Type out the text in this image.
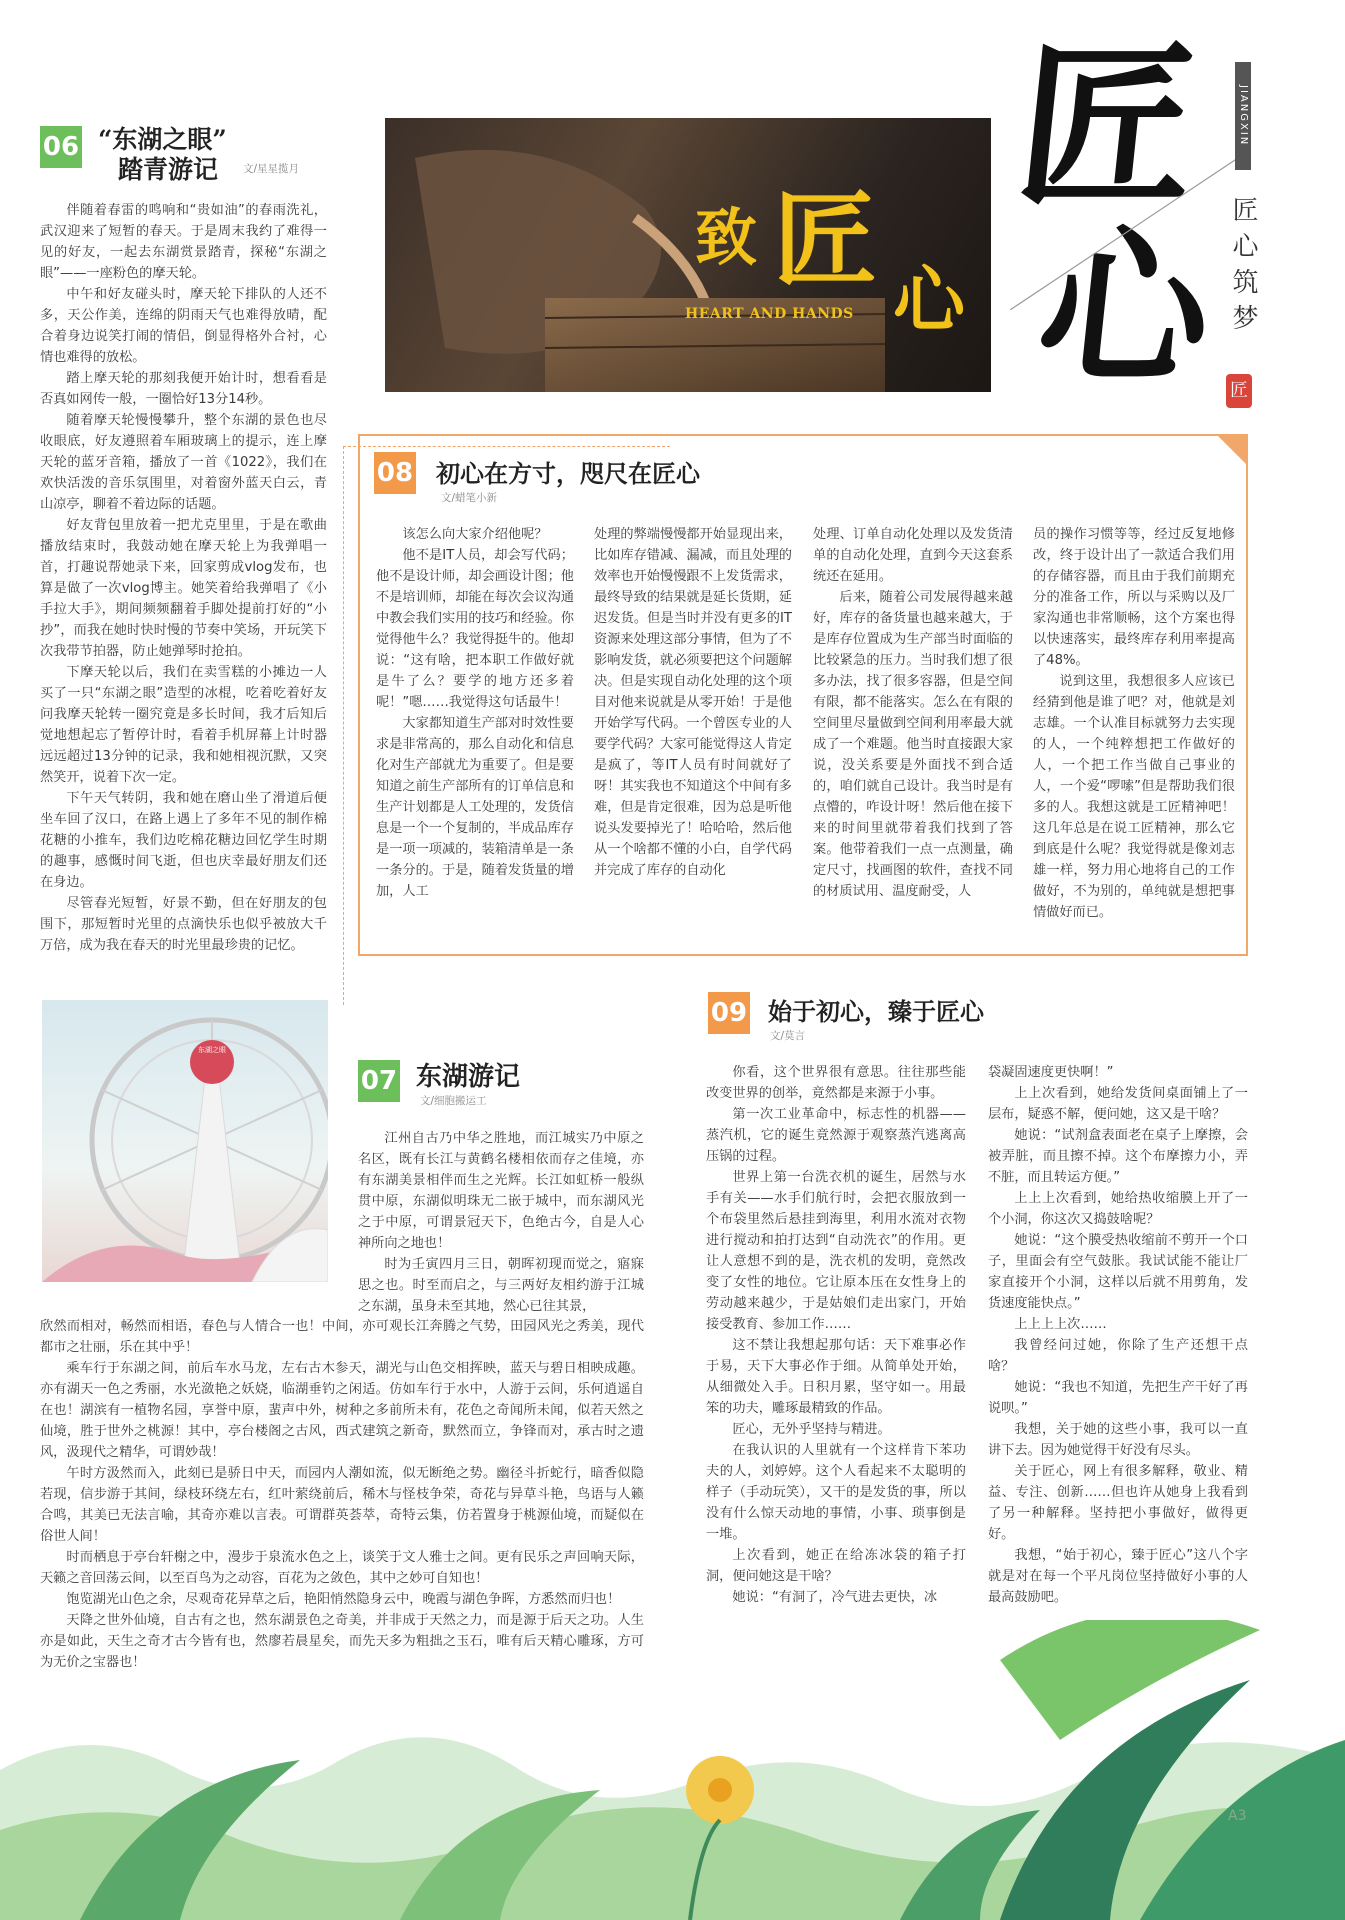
匠
心
JIANGXIN
匠心筑梦
匠
致 匠 心
HEART AND HANDS
06 “东湖之眼”
踏青游记 文/星星揽月

伴随着春雷的鸣响和“贵如油”的春雨洗礼，武汉迎来了短暂的春天。于是周末我约了难得一见的好友，一起去东湖赏景踏青，探秘“东湖之眼”——一座粉色的摩天轮。

中午和好友碰头时，摩天轮下排队的人还不多，天公作美，连绵的阴雨天气也难得放晴，配合着身边说笑打闹的情侣，倒显得格外合衬，心情也难得的放松。

踏上摩天轮的那刻我便开始计时，想看看是否真如网传一般，一圈恰好13分14秒。

随着摩天轮慢慢攀升，整个东湖的景色也尽收眼底，好友遵照着车厢玻璃上的提示，连上摩天轮的蓝牙音箱，播放了一首《1022》，我们在欢快活泼的音乐氛围里，对着窗外蓝天白云，青山凉亭，聊着不着边际的话题。

好友背包里放着一把尤克里里，于是在歌曲播放结束时，我鼓动她在摩天轮上为我弹唱一首，打趣说帮她录下来，回家剪成vlog发布，也算是做了一次vlog博主。她笑着给我弹唱了《小手拉大手》，期间频频翻着手脚处提前打好的“小抄”，而我在她时快时慢的节奏中笑场，开玩笑下次我带节拍器，防止她弹琴时抢拍。

下摩天轮以后，我们在卖雪糕的小摊边一人买了一只“东湖之眼”造型的冰棍，吃着吃着好友问我摩天轮转一圈究竟是多长时间，我才后知后觉地想起忘了暂停计时，看着手机屏幕上计时器远远超过13分钟的记录，我和她相视沉默，又突然笑开，说着下次一定。

下午天气转阴，我和她在磨山坐了滑道后便坐车回了汉口，在路上遇上了多年不见的制作棉花糖的小推车，我们边吃棉花糖边回忆学生时期的趣事，感慨时间飞逝，但也庆幸最好朋友们还在身边。

尽管春光短暂，好景不勤，但在好朋友的包围下，那短暂时光里的点滴快乐也似乎被放大千万倍，成为我在春天的时光里最珍贵的记忆。

08 初心在方寸，咫尺在匠心
文/蜡笔小新

该怎么向大家介绍他呢？

他不是IT人员，却会写代码；他不是设计师，却会画设计图；他不是培训师，却能在每次会议沟通中教会我们实用的技巧和经验。你觉得他牛么？我觉得挺牛的。他却说：“这有啥，把本职工作做好就是牛了么？要学的地方还多着呢！”嗯……我觉得这句话最牛！

大家都知道生产部对时效性要求是非常高的，那么自动化和信息化对生产部就尤为重要了。但是要知道之前生产部所有的订单信息和生产计划都是人工处理的，发货信息是一个一个复制的，半成品库存是一项一项减的，装箱清单是一条一条分的。于是，随着发货量的增加，人工

处理的弊端慢慢都开始显现出来，比如库存错减、漏减，而且处理的效率也开始慢慢跟不上发货需求，最终导致的结果就是延长货期，延迟发货。但是当时并没有更多的IT资源来处理这部分事情，但为了不影响发货，就必须要把这个问题解决。但是实现自动化处理的这个项目对他来说就是从零开始！于是他开始学写代码。一个曾医专业的人要学代码？大家可能觉得这人肯定是疯了，等IT人员有时间就好了呀！其实我也不知道这个中间有多难，但是肯定很难，因为总是听他说头发要掉光了！哈哈哈，然后他从一个啥都不懂的小白，自学代码并完成了库存的自动化

处理、订单自动化处理以及发货清单的自动化处理，直到今天这套系统还在延用。

后来，随着公司发展得越来越好，库存的备货量也越来越大，于是库存位置成为生产部当时面临的比较紧急的压力。当时我们想了很多办法，找了很多容器，但是空间有限，都不能落实。怎么在有限的空间里尽量做到空间利用率最大就成了一个难题。他当时直接跟大家说，没关系要是外面找不到合适的，咱们就自己设计。我当时是有点懵的，咋设计呀！然后他在接下来的时间里就带着我们找到了答案。他带着我们一点一点测量，确定尺寸，找画图的软件，查找不同的材质试用、温度耐受，人

员的操作习惯等等，经过反复地修改，终于设计出了一款适合我们用的存储容器，而且由于我们前期充分的准备工作，所以与采购以及厂家沟通也非常顺畅，这个方案也得以快速落实，最终库存利用率提高了48%。

说到这里，我想很多人应该已经猜到他是谁了吧？对，他就是刘志雄。一个认准目标就努力去实现的人，一个纯粹想把工作做好的人，一个把工作当做自己事业的人，一个爱“啰嗦”但是帮助我们很多的人。我想这就是工匠精神吧！这几年总是在说工匠精神，那么它到底是什么呢？我觉得就是像刘志雄一样，努力用心地将自己的工作做好，不为别的，单纯就是想把事情做好而已。

东湖之眼
07 东湖游记
文/细胞搬运工

江州自古乃中华之胜地，而江城实乃中原之名区，既有长江与黄鹤名楼相依而存之佳境，亦有东湖美景相伴而生之光辉。长江如虹桥一般纵贯中原，东湖似明珠无二嵌于城中，而东湖风光之于中原，可谓景冠天下，色绝古今，自是人心神所向之地也！

时为壬寅四月三日，朝晖初现而觉之，寤寐思之也。时至而启之，与三两好友相约游于江城之东湖，虽身未至其地，然心已往其景，

欣然而相对，畅然而相语，春色与人情合一也！中间，亦可观长江奔腾之气势，田园风光之秀美，现代都市之壮丽，乐在其中乎！

乘车行于东湖之间，前后车水马龙，左右古木参天，湖光与山色交相挥映，蓝天与碧日相映成趣。亦有湖天一色之秀丽，水光潋艳之妖娆，临湖垂钓之闲适。仿如车行于水中，人游于云间，乐何逍遥自在也！湖滨有一植物名园，享誉中原，蜚声中外，树种之多前所未有，花色之奇闻所未闻，似若天然之仙境，胜于世外之桃源！其中，亭台楼阁之古风，西式建筑之新奇，默然而立，争锋而对，承古时之遗风，汲现代之精华，可谓妙哉！

午时方汲然而入，此刻已是骄日中天，而园内人潮如流，似无断绝之势。幽径斗折蛇行，暗香似隐若现，信步游于其间，绿枝环绕左右，红叶萦绕前后，稀木与怪枝争荣，奇花与异草斗艳，鸟语与人籁合鸣，其美已无法言喻，其奇亦难以言表。可谓群英荟萃，奇特云集，仿若置身于桃源仙境，而疑似在俗世人间！

时而栖息于亭台轩榭之中，漫步于泉流水色之上，谈笑于文人雅士之间。更有民乐之声回响天际，天籁之音回荡云间，以至百鸟为之动容，百花为之敛色，其中之妙可自知也！

饱览湖光山色之余，尽观奇花异草之后，艳阳悄然隐身云中，晚霞与湖色争晖，方悉然而归也！

天降之世外仙境，自古有之也，然东湖景色之奇美，并非成于天然之力，而是源于后天之功。人生亦是如此，天生之奇才古今皆有也，然廖若晨星矣，而先天多为粗拙之玉石，唯有后天精心雕琢，方可为无价之宝器也！

09 始于初心，臻于匠心
文/莫言

你看，这个世界很有意思。往往那些能改变世界的创举，竟然都是来源于小事。

第一次工业革命中，标志性的机器——蒸汽机，它的诞生竟然源于观察蒸汽逃离高压锅的过程。

世界上第一台洗衣机的诞生，居然与水手有关——水手们航行时，会把衣服放到一个布袋里然后悬挂到海里，利用水流对衣物进行搅动和拍打达到“自动洗衣”的作用。更让人意想不到的是，洗衣机的发明，竟然改变了女性的地位。它让原本压在女性身上的劳动越来越少，于是姑娘们走出家门，开始接受教育、参加工作……

这不禁让我想起那句话：天下难事必作于易，天下大事必作于细。从简单处开始，从细微处入手。日积月累，坚守如一。用最笨的功夫，雕琢最精致的作品。

匠心，无外乎坚持与精进。

在我认识的人里就有一个这样肯下苯功夫的人，刘婷婷。这个人看起来不太聪明的样子（手动玩笑），又干的是发货的事，所以没有什么惊天动地的事情，小事、琐事倒是一堆。

上次看到，她正在给冻冰袋的箱子打洞，便问她这是干啥？

她说：“有洞了，冷气进去更快，冰

袋凝固速度更快啊！”

上上次看到，她给发货间桌面铺上了一层布，疑惑不解，便问她，这又是干啥？

她说：“试剂盒表面老在桌子上摩擦，会被弄脏，而且擦不掉。这个布摩擦力小，弄不脏，而且转运方便。”

上上上次看到，她给热收缩膜上开了一个小洞，你这次又捣鼓啥呢？

她说：“这个膜受热收缩前不剪开一个口子，里面会有空气鼓胀。我试试能不能让厂家直接开个小洞，这样以后就不用剪角，发货速度能快点。”

上上上上次……

我曾经问过她，你除了生产还想干点啥？

她说：“我也不知道，先把生产干好了再说呗。”

我想，关于她的这些小事，我可以一直讲下去。因为她觉得干好没有尽头。

关于匠心，网上有很多解释，敬业、精益、专注、创新……但也许从她身上我看到了另一种解释。坚持把小事做好，做得更好。

我想，“始于初心，臻于匠心”这八个字就是对在每一个平凡岗位坚持做好小事的人最高鼓励吧。

A3
